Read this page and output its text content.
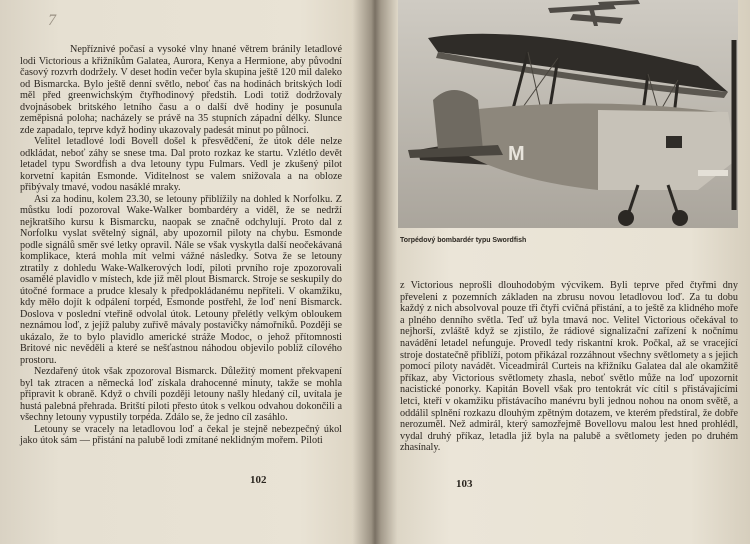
7

Nepříznivé počasí a vysoké vlny hnané větrem bránily letadlové lodi Victorious a křižníkům Galatea, Aurora, Kenya a Hermione, aby původní časový rozvrh dodržely. V deset hodin večer byla skupina ještě 120 mil daleko od Bismarcka. Bylo ještě denní světlo, neboť čas na hodinách britských lodí měl před greenwichským čtyřhodinový předstih. Lodi totiž dodržovaly dvojnásobek britského letního času a o další dvě hodiny je posunula zeměpisná poloha; nacházely se právě na 35 stupních západní délky. Slunce zde zapadalo, teprve když hodiny ukazovaly padesát minut po půlnoci.

Velitel letadlové lodi Bovell došel k přesvědčení, že útok déle nelze odkládat, neboť záhy se snese tma. Dal proto rozkaz ke startu. Vzlétlo devět letadel typu Swordfish a dva letouny typu Fulmars. Vedl je zkušený pilot korvetní kapitán Esmonde. Viditelnost se valem snižovala a na obloze přibývaly tmavé, vodou nasáklé mraky.

Asi za hodinu, kolem 23.30, se letouny přiblížily na dohled k Norfolku. Z můstku lodí pozoroval Wake-Walker bombardéry a viděl, že se nedrží nejkratšího kursu k Bismarcku, naopak se značně odchylují. Proto dal z Norfolku vyslat světelný signál, aby upozornil piloty na chybu. Esmonde podle signálů směr své letky opravil. Nále se však vyskytla další neočekávaná komplikace, která mohla mít velmi vážné následky. Sotva že se letouny ztratily z dohledu Wake-Walkerových lodí, piloti prvního roje zpozorovali osamělé plavidlo v místech, kde již měl plout Bismarck. Stroje se seskupily do útočné formace a prudce klesaly k předpokládanému nepříteli. V okamžiku, kdy měło dojít k odpálení torpéd, Esmonde postřehl, že loď není Bismarck. Doslova v poslední vteřině odvolal útok. Letouny přelétly velkým obloukem neznámou loď, z jejíž paluby zuřivě mávaly postavičky námořníků. Později se ukázalo, že to bylo plavidlo americké stráže Modoc, o jehož přítomnosti Britové nic nevěděli a které se nešťastnou náhodou objevilo poblíž cílového prostoru.

Nezdařený útok však zpozoroval Bismarck. Důležitý moment překvapení byl tak ztracen a německá loď získala drahocenné minuty, takže se mohla připravit k obraně. Když o chvíli později letouny našly hledaný cíl, uvítala je hustá palebná přehrada. Britští piloti přesto útok s velkou odvahou dokončili a všechny letouny vypustily torpéda. Zdálo se, že jedno cíl zasáhlo.

Letouny se vracely na letadlovou loď a čekal je stejně nebezpečný úkol jako útok sám — přistání na palubě lodi zmítané neklidným mořem. Piloti

102
M
Torpédový bombardér typu Swordfish

z Victorious neprošli dlouhodobým výcvikem. Byli teprve před čtyřmi dny převeleni z pozemních základen na zbrusu novou letadlovou loď. Za tu dobu každý z nich absolvoval pouze tři čtyři cvičná přistání, a to ještě za klidného moře a plného denního světla. Teď už byla tmavá noc. Velitel Victorious očekával to nejhorší, zvláště když se zjistilo, že rádiové signalizační zařízení k nočnímu navádění letadel nefunguje. Provedl tedy riskantní krok. Počkal, až se vracející stroje dostatečně přiblíží, potom přikázal rozzáhnout všechny světlomety a s jejich pomocí piloty navádět. Viceadmirál Curteis na křižníku Galatea dal ale okamžitě příkaz, aby Victorious světlomety zhasla, neboť světlo může na loď upozornit nacistické ponorky. Kapitán Bovell však pro tentokrát víc cítil s přistávajícími letci, kteří v okamžiku přistávacího manévru byli jednou nohou na onom světě, a oddálil splnění rozkazu dlouhým zpětným dotazem, ve kterém předstíral, že dobře nerozuměl. Než admirál, který samozřejmě Bovellovu malou lest hned prohlédl, vydal druhý příkaz, letadla již byla na palubě a světlomety jeden po druhém zhasínaly.

103
